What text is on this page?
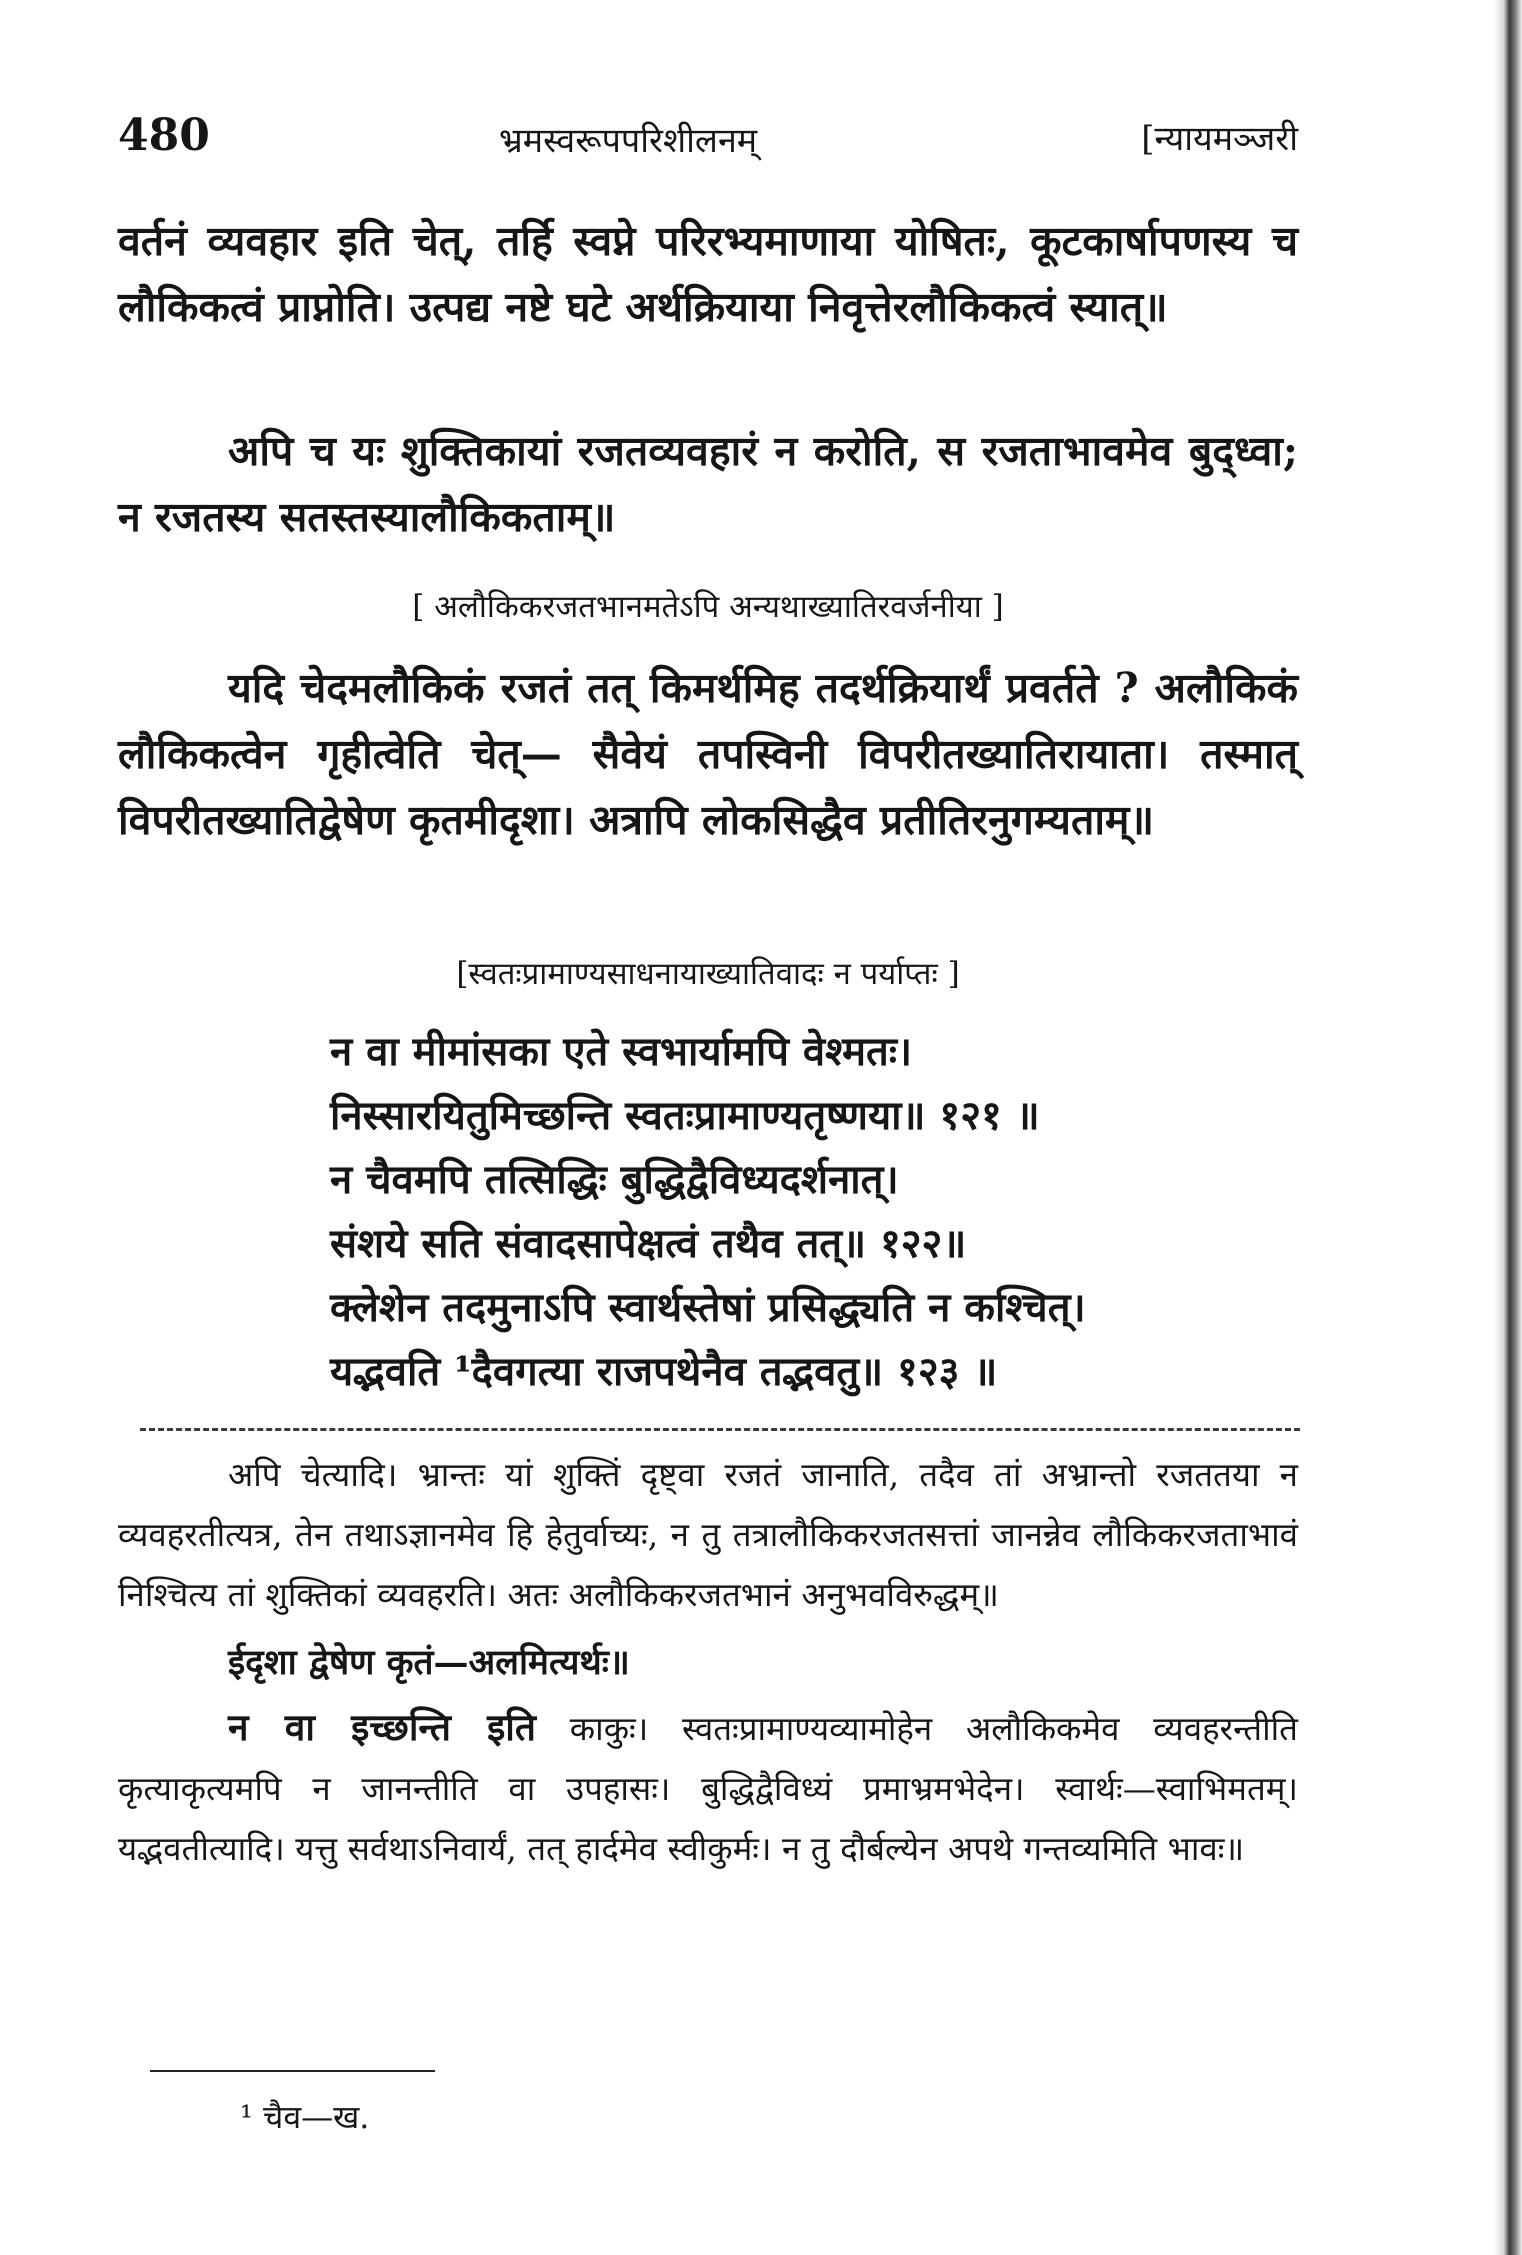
480	भ्रमस्वरूपपरिशीलनम्	[न्यायमञ्जरी

वर्तनं व्यवहार इति चेत्, तर्हि स्वप्ने परिरभ्यमाणाया योषितः, कूटकार्षापणस्य च लौकिकत्वं प्राप्नोति। उत्पद्य नष्टे घटे अर्थक्रियाया निवृत्तेरलौकिकत्वं स्यात्॥

अपि च यः शुक्तिकायां रजतव्यवहारं न करोति, स रजताभावमेव बुद्ध्वा; न रजतस्य सतस्तस्यालौकिकताम्॥

[ अलौकिकरजतभानमतेऽपि अन्यथाख्यातिरवर्जनीया ]

यदि चेदमलौकिकं रजतं तत् किमर्थमिह तदर्थक्रियार्थं प्रवर्तते ? अलौकिकं लौकिकत्वेन गृहीत्वेति चेत्— सैवेयं तपस्विनी विपरीतख्यातिरायाता। तस्मात् विपरीतख्यातिद्वेषेण कृतमीदृशा। अत्रापि लोकसिद्धैव प्रतीतिरनुगम्यताम्॥

[स्वतःप्रामाण्यसाधनायाख्यातिवादः न पर्याप्तः ]

न वा मीमांसका एते स्वभार्यामपि वेश्मतः।

निस्सारयितुमिच्छन्ति स्वतःप्रामाण्यतृष्णया॥ १२१ ॥

न चैवमपि तत्सिद्धिः बुद्धिद्वैविध्यदर्शनात्।

संशये सति संवादसापेक्षत्वं तथैव तत्॥ १२२॥

क्लेशेन तदमुनाऽपि स्वार्थस्तेषां प्रसिद्ध्यति न कश्चित्।

यद्भवति ¹दैवगत्या राजपथेनैव तद्भवतु॥ १२३ ॥

अपि चेत्यादि। भ्रान्तः यां शुक्तिं दृष्ट्वा रजतं जानाति, तदैव तां अभ्रान्तो रजततया न व्यवहरतीत्यत्र, तेन तथाऽज्ञानमेव हि हेतुर्वाच्यः, न तु तत्रालौकिकरजतसत्तां जानन्नेव लौकिकरजताभावं निश्चित्य तां शुक्तिकां व्यवहरति। अतः अलौकिकरजतभानं अनुभवविरुद्धम्॥

ईदृशा द्वेषेण कृतं—अलमित्यर्थः॥

न वा इच्छन्ति इति काकुः। स्वतःप्रामाण्यव्यामोहेन अलौकिकमेव व्यवहरन्तीति कृत्याकृत्यमपि न जानन्तीति वा उपहासः। बुद्धिद्वैविध्यं प्रमाभ्रमभेदेन। स्वार्थः—स्वाभिमतम्। यद्भवतीत्यादि। यत्तु सर्वथाऽनिवार्यं, तत् हार्दमेव स्वीकुर्मः। न तु दौर्बल्येन अपथे गन्तव्यमिति भावः॥

¹ चैव—ख.
